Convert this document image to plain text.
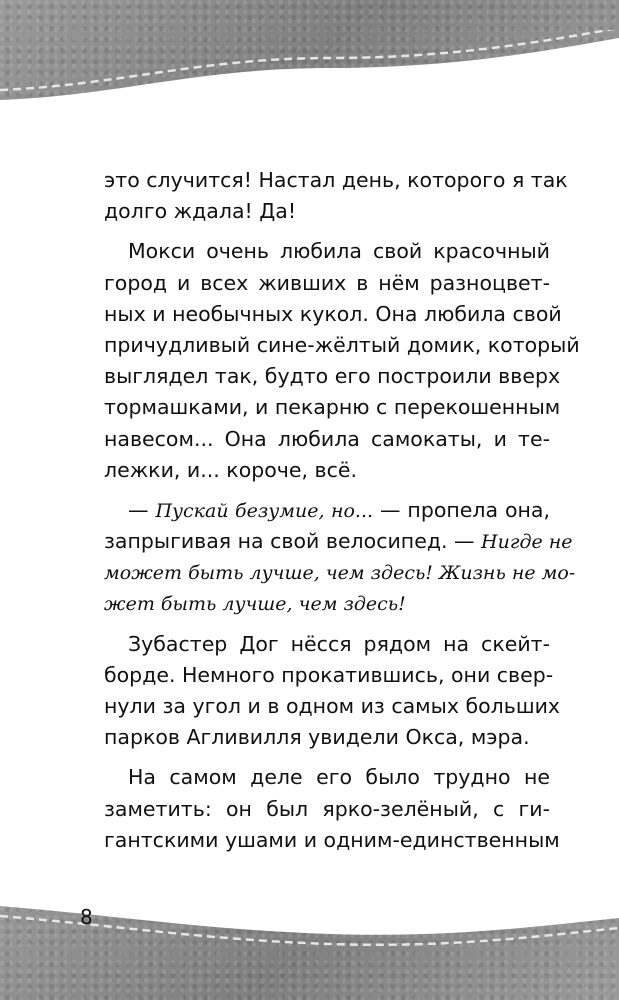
это случится! Настал день, которого я так
долго ждала! Да!
Мокси очень любила свой красочный
город и всех живших в нём разноцвет-
ных и необычных кукол. Она любила свой
причудливый сине-жёлтый домик, который
выглядел так, будто его построили вверх
тормашками, и пекарню с перекошенным
навесом... Она любила самокаты, и те-
лежки, и... короче, всё.
— Пускай безумие, но... — пропела она,
запрыгивая на свой велосипед. — Нигде не
может быть лучше, чем здесь! Жизнь не мо-
жет быть лучше, чем здесь!
Зубастер Дог нёсся рядом на скейт-
борде. Немного прокатившись, они свер-
нули за угол и в одном из самых больших
парков Агливилля увидели Окса, мэра.
На самом деле его было трудно не
заметить: он был ярко-зелёный, с ги-
гантскими ушами и одним-единственным
8
